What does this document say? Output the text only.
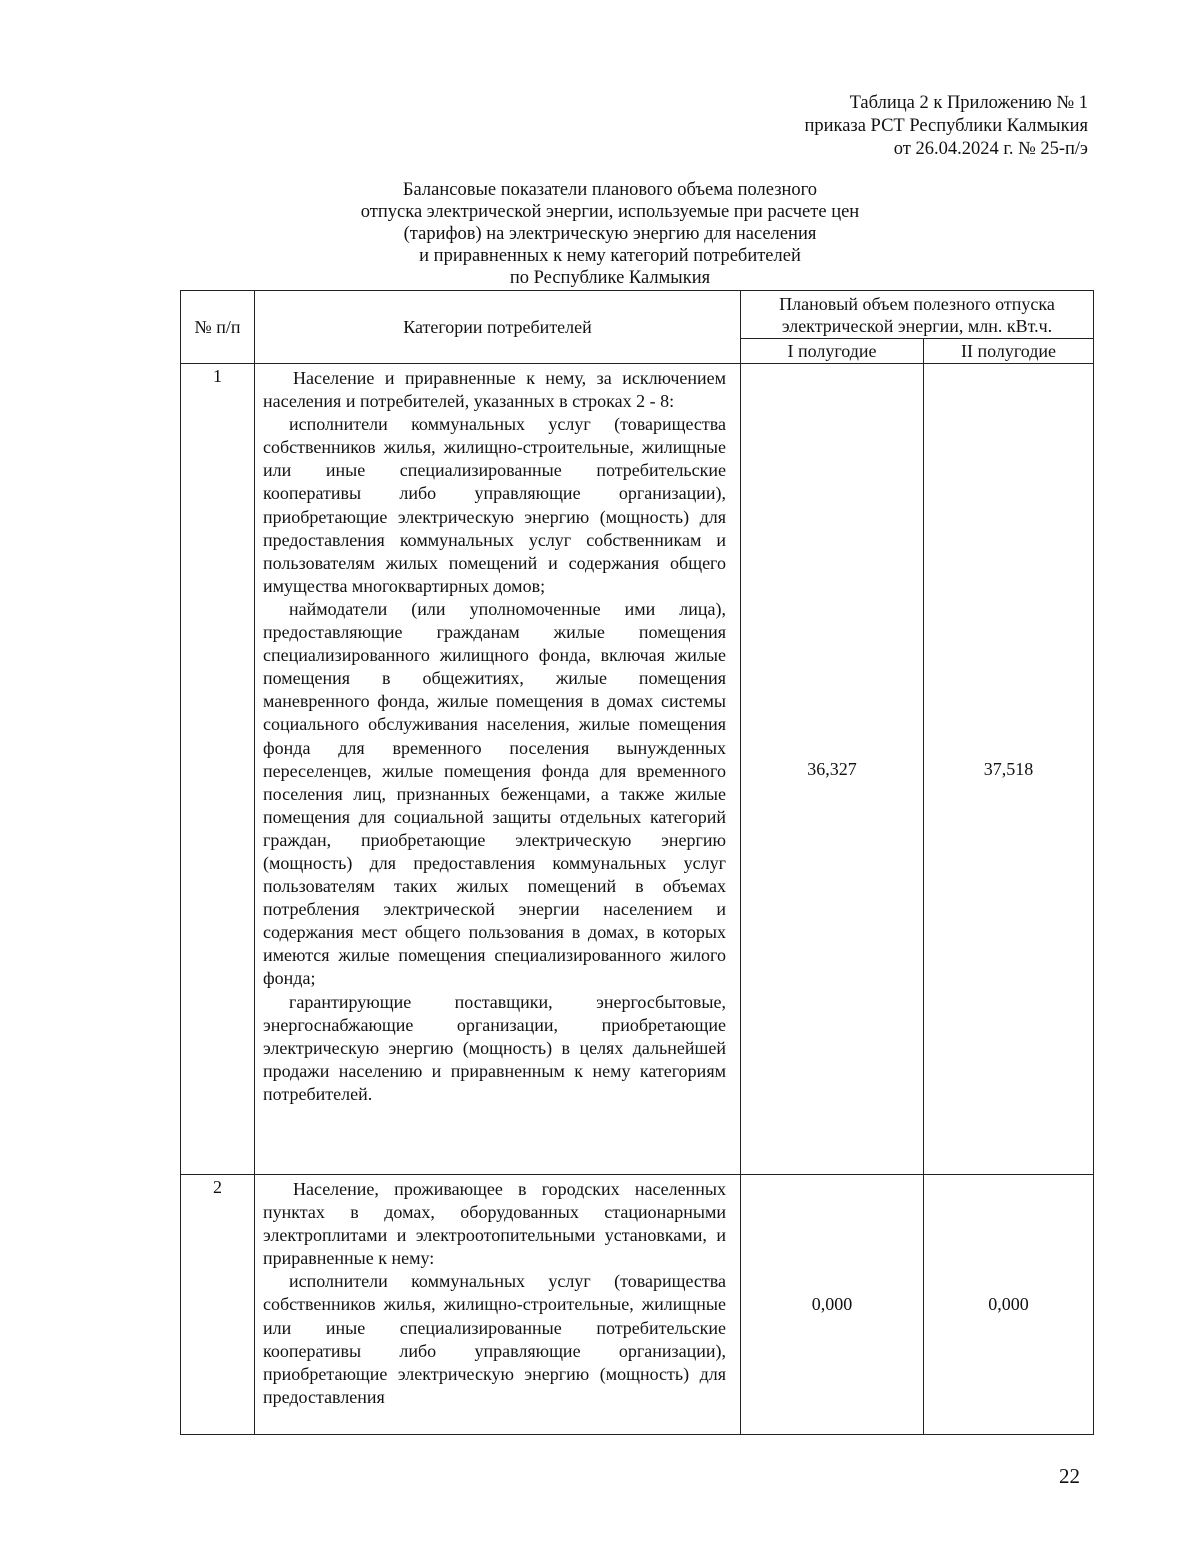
Таблица 2 к Приложению № 1
приказа РСТ Республики Калмыкия
от 26.04.2024 г. № 25-п/э
Балансовые показатели планового объема полезного
отпуска электрической энергии, используемые при расчете цен
(тарифов) на электрическую энергию для населения
и приравненных к нему категорий потребителей
по Республике Калмыкия
№ п/п	Категории потребителей	Плановый объем полезного отпуска электрической энергии, млн. кВт.ч.	
		I полугодие	II полугодие
1	Население и приравненные к нему, за исключением населения и потребителей, указанных в строках 2 - 8:

исполнители коммунальных услуг (товарищества собственников жилья, жилищно-строительные, жилищные или иные специализированные потребительские кооперативы либо управляющие организации), приобретающие электрическую энергию (мощность) для предоставления коммунальных услуг собственникам и пользователям жилых помещений и содержания общего имущества многоквартирных домов;

наймодатели (или уполномоченные ими лица), предоставляющие гражданам жилые помещения специализированного жилищного фонда, включая жилые помещения в общежитиях, жилые помещения маневренного фонда, жилые помещения в домах системы социального обслуживания населения, жилые помещения фонда для временного поселения вынужденных переселенцев, жилые помещения фонда для временного поселения лиц, признанных беженцами, а также жилые помещения для социальной защиты отдельных категорий граждан, приобретающие электрическую энергию (мощность) для предоставления коммунальных услуг пользователям таких жилых помещений в объемах потребления электрической энергии населением и содержания мест общего пользования в домах, в которых имеются жилые помещения специализированного жилого фонда;

гарантирующие поставщики, энергосбытовые, энергоснабжающие организации, приобретающие электрическую энергию (мощность) в целях дальнейшей продажи населению и приравненным к нему категориям потребителей.	36,327	37,518
2	Население, проживающее в городских населенных пунктах в домах, оборудованных стационарными электроплитами и электроотопительными установками, и приравненные к нему:

исполнители коммунальных услуг (товарищества собственников жилья, жилищно-строительные, жилищные или иные специализированные потребительские кооперативы либо управляющие организации), приобретающие электрическую энергию (мощность) для предоставления	0,000	0,000
22
